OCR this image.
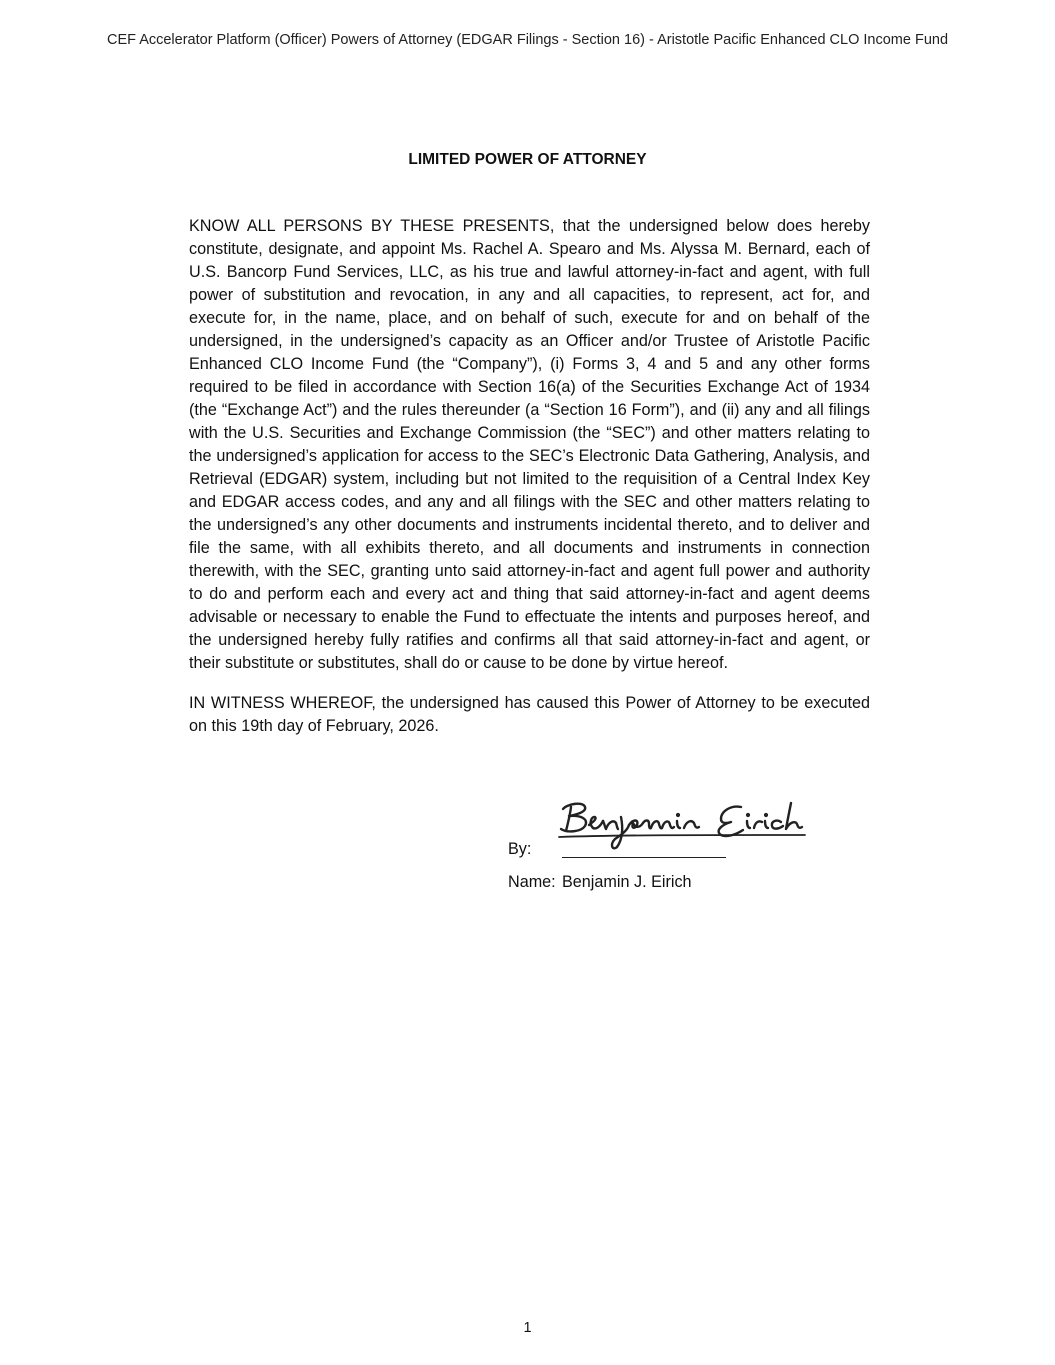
CEF Accelerator Platform (Officer) Powers of Attorney (EDGAR Filings - Section 16) - Aristotle Pacific Enhanced CLO Income Fund
LIMITED POWER OF ATTORNEY

KNOW ALL PERSONS BY THESE PRESENTS, that the undersigned below does hereby constitute, designate, and appoint Ms. Rachel A. Spearo and Ms. Alyssa M. Bernard, each of U.S. Bancorp Fund Services, LLC, as his true and lawful attorney-in-fact and agent, with full power of substitution and revocation, in any and all capacities, to represent, act for, and execute for, in the name, place, and on behalf of such, execute for and on behalf of the undersigned, in the undersigned’s capacity as an Officer and/or Trustee of Aristotle Pacific Enhanced CLO Income Fund (the “Company”), (i) Forms 3, 4 and 5 and any other forms required to be filed in accordance with Section 16(a) of the Securities Exchange Act of 1934 (the “Exchange Act”) and the rules thereunder (a “Section 16 Form”), and (ii) any and all filings with the U.S. Securities and Exchange Commission (the “SEC”) and other matters relating to the undersigned’s application for access to the SEC’s Electronic Data Gathering, Analysis, and Retrieval (EDGAR) system, including but not limited to the requisition of a Central Index Key and EDGAR access codes, and any and all filings with the SEC and other matters relating to the undersigned’s any other documents and instruments incidental thereto, and to deliver and file the same, with all exhibits thereto, and all documents and instruments in connection therewith, with the SEC, granting unto said attorney-in-fact and agent full power and authority to do and perform each and every act and thing that said attorney-in-fact and agent deems advisable or necessary to enable the Fund to effectuate the intents and purposes hereof, and the undersigned hereby fully ratifies and confirms all that said attorney-in-fact and agent, or their substitute or substitutes, shall do or cause to be done by virtue hereof.

IN WITNESS WHEREOF, the undersigned has caused this Power of Attorney to be executed on this 19th day of February, 2026.

By:
Name: Benjamin J. Eirich
1
